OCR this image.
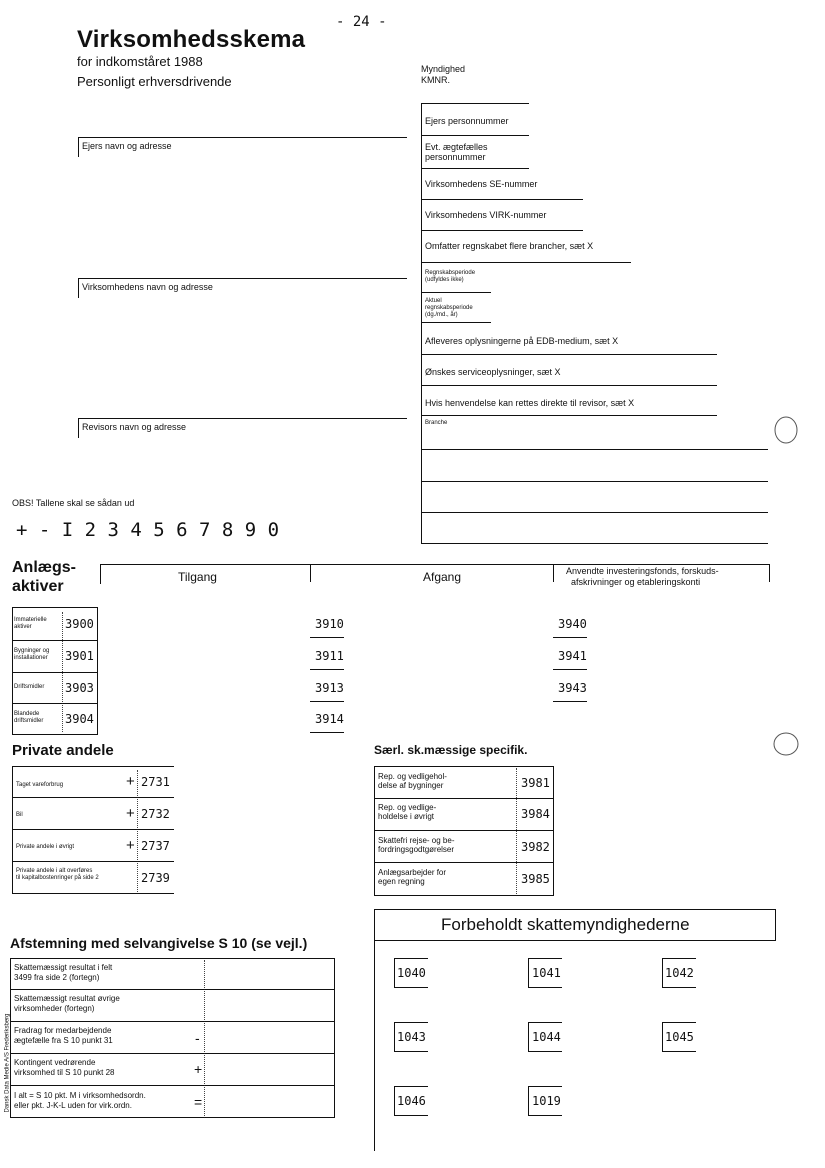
- 24 -
Virksomhedsskema
for indkomståret 1988
Personligt erhversdrivende
Myndighed
KMNR.
Ejers navn og adresse
Virksomhedens navn og adresse
Revisors navn og adresse
Ejers personnummer
Evt. ægtefælles
personnummer
Virksomhedens SE-nummer
Virksomhedens VIRK-nummer
Omfatter regnskabet flere brancher, sæt X
Regnskabsperiode
(udfyldes ikke)
Aktuel
regnskabsperiode
(dg./md., år)
Afleveres oplysningerne på EDB-medium, sæt X
Ønskes serviceoplysninger, sæt X
Hvis henvendelse kan rettes direkte til revisor, sæt X
Branche
OBS! Tallene skal se sådan ud
+ - I 2 3 4 5 6 7 8 9 0
Anlægs-
aktiver
Tilgang	Afgang	Anvendte investeringsfonds, forskuds-
afskrivninger og etableringskonti
Immaterielle
aktiver	3900	3910	3940
Bygninger og
installationer 3901	3911	3941
Driftsmidler 3903	3913	3943
Blandede
driftsmidler 3904	3914
Private andele
Taget vareforbrug	+ 2731
Bil	+ 2732
Private andele i øvrigt	+ 2737
Private andele i alt overføres
til kapitalbostenringer på side 2	2739
Særl. sk.mæssige specifik.
Rep. og vedligehol-
delse af bygninger	3981
Rep. og vedlige-
holdelse i øvrigt	3984
Skattefri rejse- og be-
fordringsgodtgørelser	3982
Anlægsarbejder for
egen regning	3985
Forbeholdt skattemyndighederne
1040	1041	1042
1043	1044	1045
1046	1019
Afstemning med selvangivelse S 10 (se vejl.)
Skattemæssigt resultat i felt
3499 fra side 2 (fortegn)
Skattemæssigt resultat øvrige
virksomheder (fortegn)
Fradrag for medarbejdende
ægtefælle fra S 10 punkt 31	-
Kontingent vedrørende
virksomhed til S 10 punkt 28	+
I alt = S 10 pkt. M i virksomhedsordn.
eller pkt. J-K-L uden for virk.ordn.	=
Dansk Data Medie A/S Frederiksberg
